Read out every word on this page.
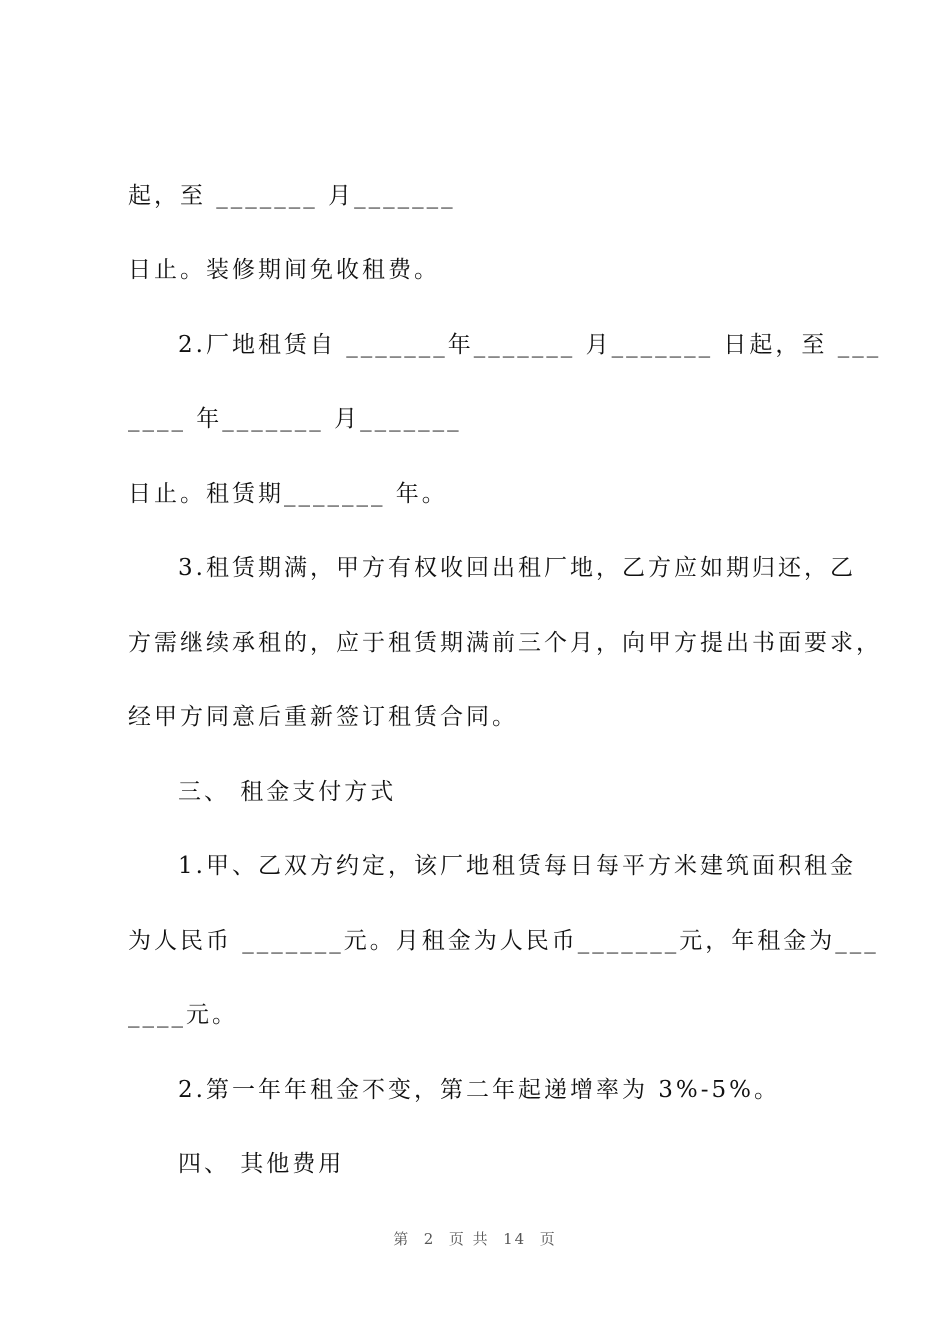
起，至 _______ 月_______
日止。装修期间免收租费。
2.厂地租赁自 _______年_______ 月_______ 日起，至 ___
____ 年_______ 月_______
日止。租赁期_______ 年。
3.租赁期满，甲方有权收回出租厂地，乙方应如期归还，乙
方需继续承租的，应于租赁期满前三个月，向甲方提出书面要求，
经甲方同意后重新签订租赁合同。
三、 租金支付方式
1.甲、乙双方约定，该厂地租赁每日每平方米建筑面积租金
为人民币 _______元。月租金为人民币_______元，年租金为___
____元。
2.第一年年租金不变，第二年起递增率为 3%-5%。
四、 其他费用
第  2  页 共  14  页
